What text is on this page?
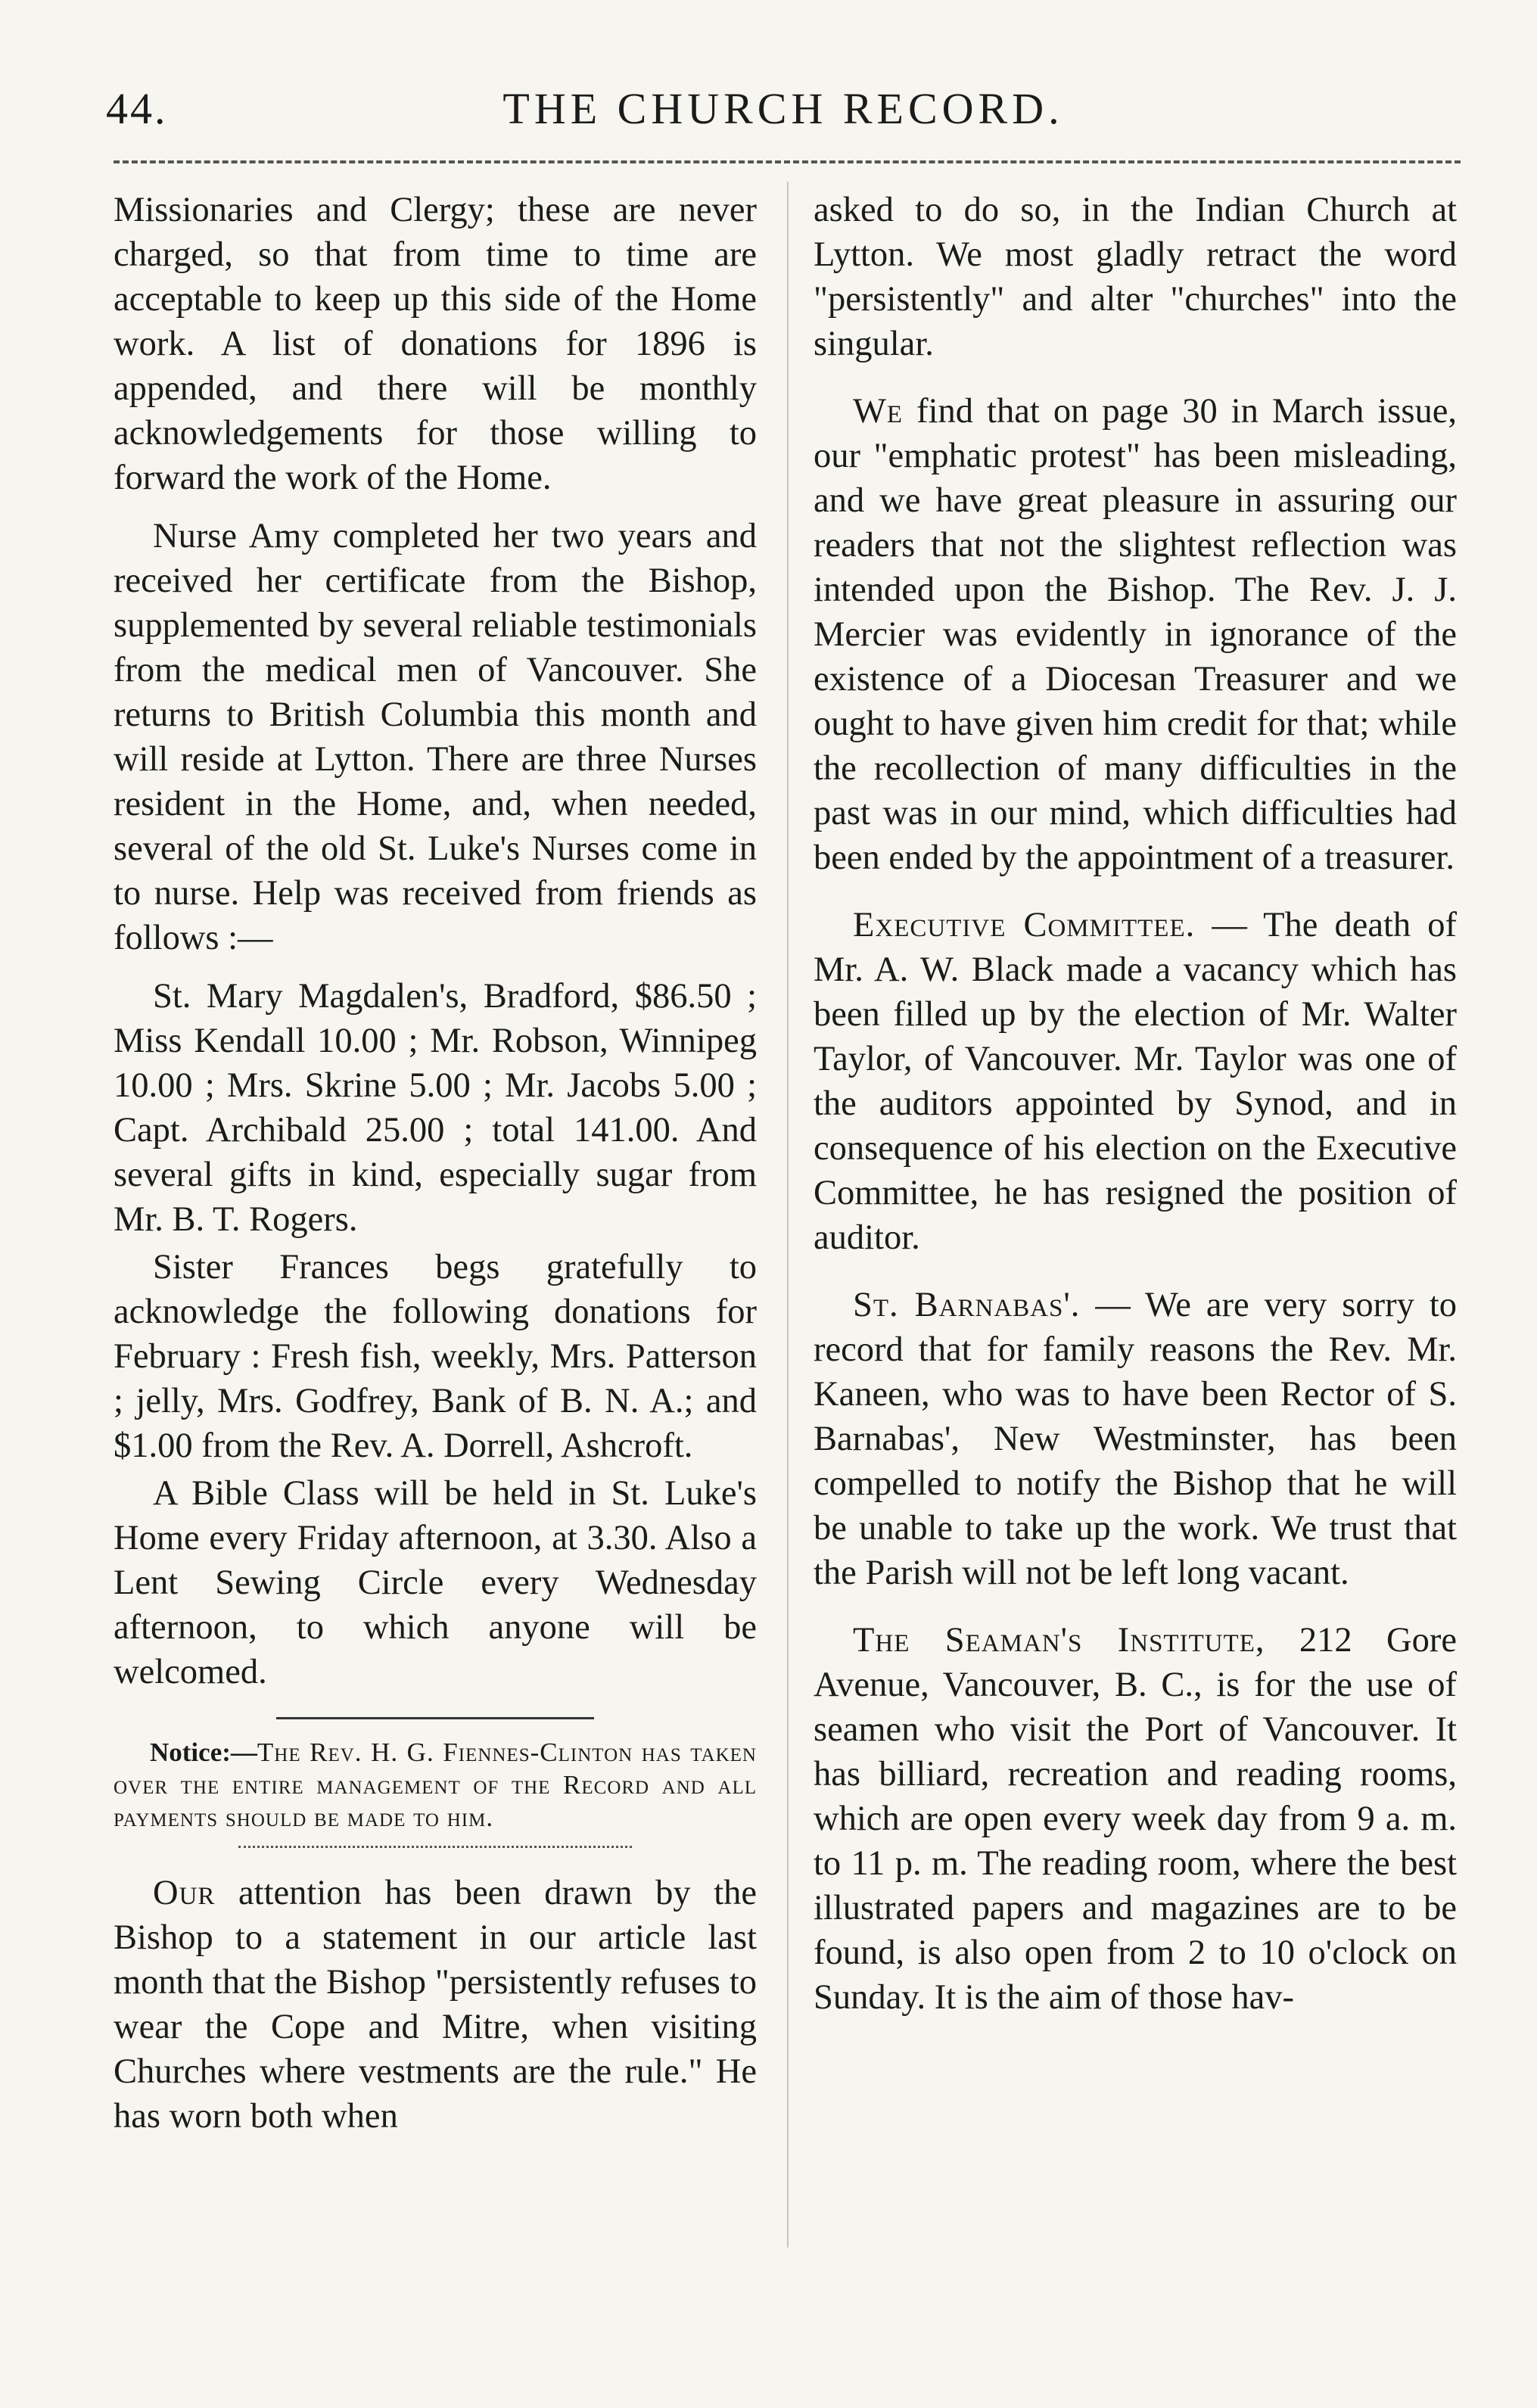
44.	THE CHURCH RECORD.

Missionaries and Clergy; these are never charged, so that from time to time are acceptable to keep up this side of the Home work. A list of donations for 1896 is appended, and there will be monthly acknowledgements for those willing to forward the work of the Home.

Nurse Amy completed her two years and received her certificate from the Bishop, supplemented by several reliable testimonials from the medical men of Vancouver. She returns to British Columbia this month and will reside at Lytton. There are three Nurses resident in the Home, and, when needed, several of the old St. Luke's Nurses come in to nurse. Help was received from friends as follows :—

St. Mary Magdalen's, Bradford, $86.50 ; Miss Kendall 10.00 ; Mr. Robson, Winnipeg 10.00 ; Mrs. Skrine 5.00 ; Mr. Jacobs 5.00 ; Capt. Archibald 25.00 ; total 141.00. And several gifts in kind, especially sugar from Mr. B. T. Rogers.

Sister Frances begs gratefully to acknowledge the following donations for February : Fresh fish, weekly, Mrs. Patterson ; jelly, Mrs. Godfrey, Bank of B. N. A.; and $1.00 from the Rev. A. Dorrell, Ashcroft.

A Bible Class will be held in St. Luke's Home every Friday afternoon, at 3.30. Also a Lent Sewing Circle every Wednesday afternoon, to which anyone will be welcomed.

Notice:—The Rev. H. G. Fiennes-Clinton has taken over the entire management of the Record and all payments should be made to him.

Our attention has been drawn by the Bishop to a statement in our article last month that the Bishop "persistently refuses to wear the Cope and Mitre, when visiting Churches where vestments are the rule." He has worn both when

asked to do so, in the Indian Church at Lytton. We most gladly retract the word "persistently" and alter "churches" into the singular.

We find that on page 30 in March issue, our "emphatic protest" has been misleading, and we have great pleasure in assuring our readers that not the slightest reflection was intended upon the Bishop. The Rev. J. J. Mercier was evidently in ignorance of the existence of a Diocesan Treasurer and we ought to have given him credit for that; while the recollection of many difficulties in the past was in our mind, which difficulties had been ended by the appointment of a treasurer.

Executive Committee. — The death of Mr. A. W. Black made a vacancy which has been filled up by the election of Mr. Walter Taylor, of Vancouver. Mr. Taylor was one of the auditors appointed by Synod, and in consequence of his election on the Executive Committee, he has resigned the position of auditor.

St. Barnabas'. — We are very sorry to record that for family reasons the Rev. Mr. Kaneen, who was to have been Rector of S. Barnabas', New Westminster, has been compelled to notify the Bishop that he will be unable to take up the work. We trust that the Parish will not be left long vacant.

The Seaman's Institute, 212 Gore Avenue, Vancouver, B. C., is for the use of seamen who visit the Port of Vancouver. It has billiard, recreation and reading rooms, which are open every week day from 9 a. m. to 11 p. m. The reading room, where the best illustrated papers and magazines are to be found, is also open from 2 to 10 o'clock on Sunday. It is the aim of those hav-
